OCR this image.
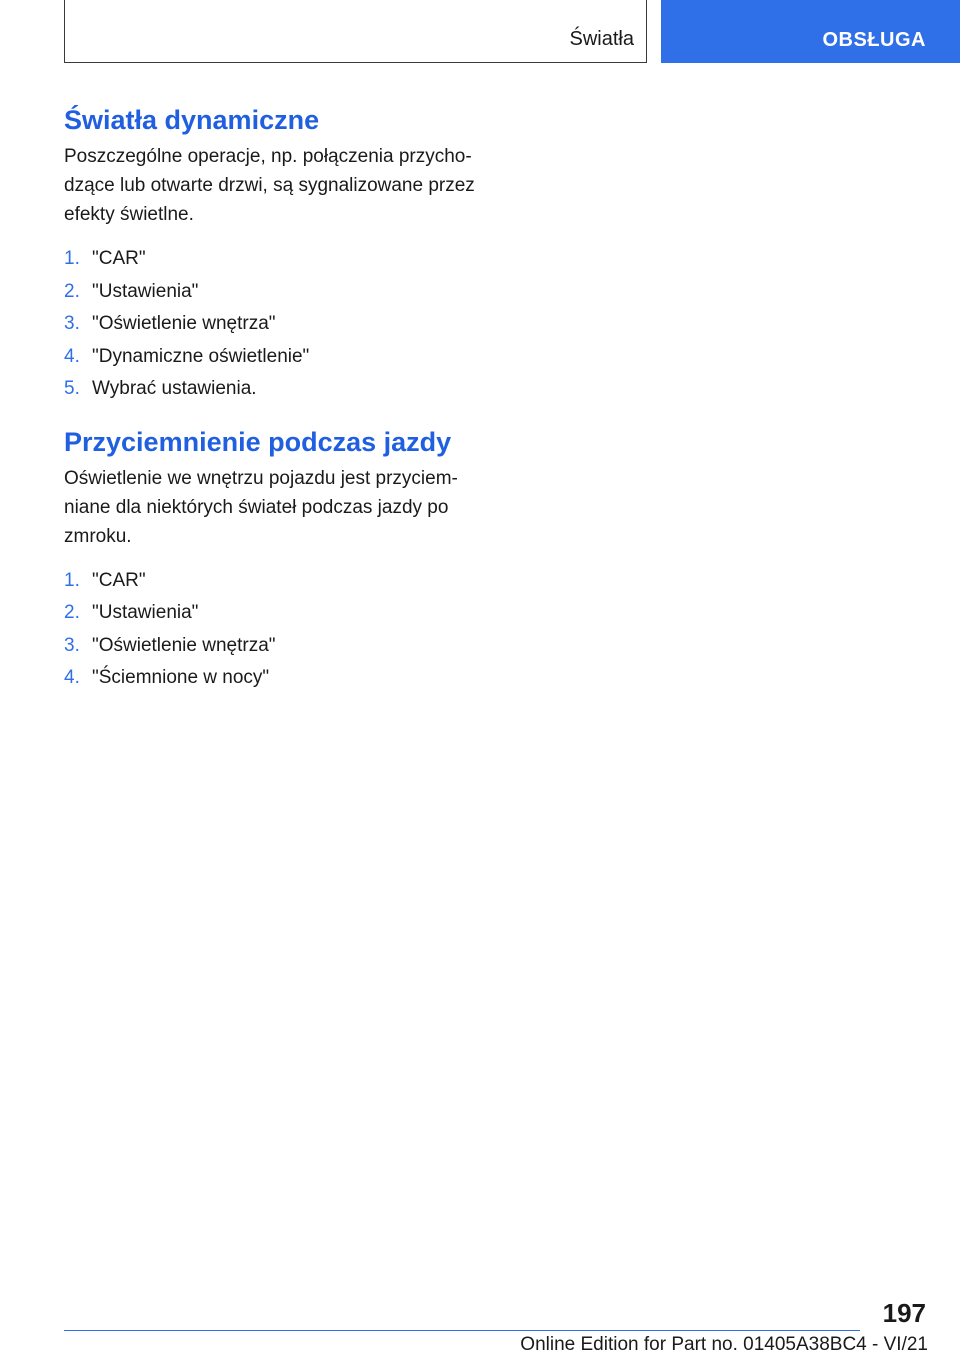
Światła	OBSŁUGA
Światła dynamiczne

Poszczególne operacje, np. połączenia przycho-dzące lub otwarte drzwi, są sygnalizowane przez efekty świetlne.

1. "CAR"
2. "Ustawienia"
3. "Oświetlenie wnętrza"
4. "Dynamiczne oświetlenie"
5. Wybrać ustawienia.
Przyciemnienie podczas jazdy

Oświetlenie we wnętrzu pojazdu jest przyciem-niane dla niektórych świateł podczas jazdy po zmroku.

1. "CAR"
2. "Ustawienia"
3. "Oświetlenie wnętrza"
4. "Ściemnione w nocy"
197
Online Edition for Part no. 01405A38BC4 - VI/21
